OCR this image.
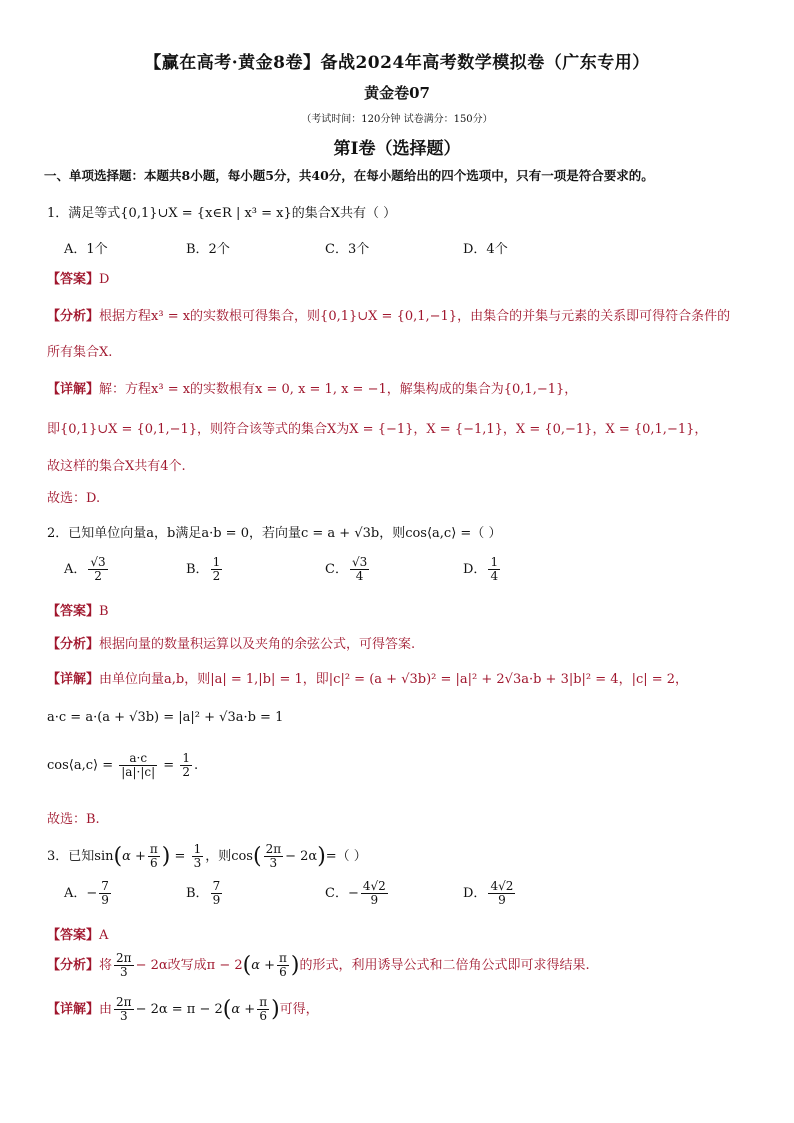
【赢在高考·黄金8卷】备战2024年高考数学模拟卷（广东专用）
黄金卷07
（考试时间：120分钟 试卷满分：150分）
第I卷（选择题）
一、单项选择题：本题共8小题，每小题5分，共40分，在每小题给出的四个选项中，只有一项是符合要求的。
1．满足等式{0,1}∪X = {x∈R | x³ = x}的集合X共有（ ）
A．1个	B．2个	C．3个	D．4个
【答案】D
【分析】根据方程x³ = x的实数根可得集合，则{0,1}∪X = {0,1,−1}，由集合的并集与元素的关系即可得符合条件的
所有集合X.
【详解】解：方程x³ = x的实数根有x = 0, x = 1, x = −1，解集构成的集合为{0,1,−1}，
即{0,1}∪X = {0,1,−1}，则符合该等式的集合X为X = {−1}，X = {−1,1}，X = {0,−1}，X = {0,1,−1}，
故这样的集合X共有4个.
故选：D.
2．已知单位向量a，b满足a·b = 0，若向量c = a + √3b，则cos⟨a,c⟩ =（ ）
A． $\frac{√3}{2}$	B． $\frac{1}{2}$	C． $\frac{√3}{4}$	D． $\frac{1}{4}$
【答案】B
【分析】根据向量的数量积运算以及夹角的余弦公式，可得答案.
【详解】由单位向量a,b，则|a| = 1,|b| = 1，即|c|² = (a + √3b)² = |a|² + 2√3a·b + 3|b|² = 4，|c| = 2，
a·c = a·(a + √3b) = |a|² + √3a·b = 1
cos⟨a,c⟩ = $\frac{a\cdot c}{|a|\cdot|c|} = \frac{1}{2}$ .
故选：B.
3．已知$\sin(\alpha + \frac{\pi}{6}$ ) = $\frac{1}{3}$ ，则$\cos( \frac{2\pi}{3} - 2\alpha)=$（ ）
A．− $\frac{7}{9}$	B． $\frac{7}{9}$	C．− $\frac{4√2}{9}$	D． $\frac{4√2}{9}$
【答案】A
【分析】将 $\frac{2\pi}{3} - 2\alpha$改写成$\pi - 2(\alpha + \frac{\pi}{6}$ )的形式，利用诱导公式和二倍角公式即可求得结果.
【详解】由 $\frac{2\pi}{3} - 2\alpha = \pi - 2(\alpha + \frac{\pi}{6}$ )可得，
